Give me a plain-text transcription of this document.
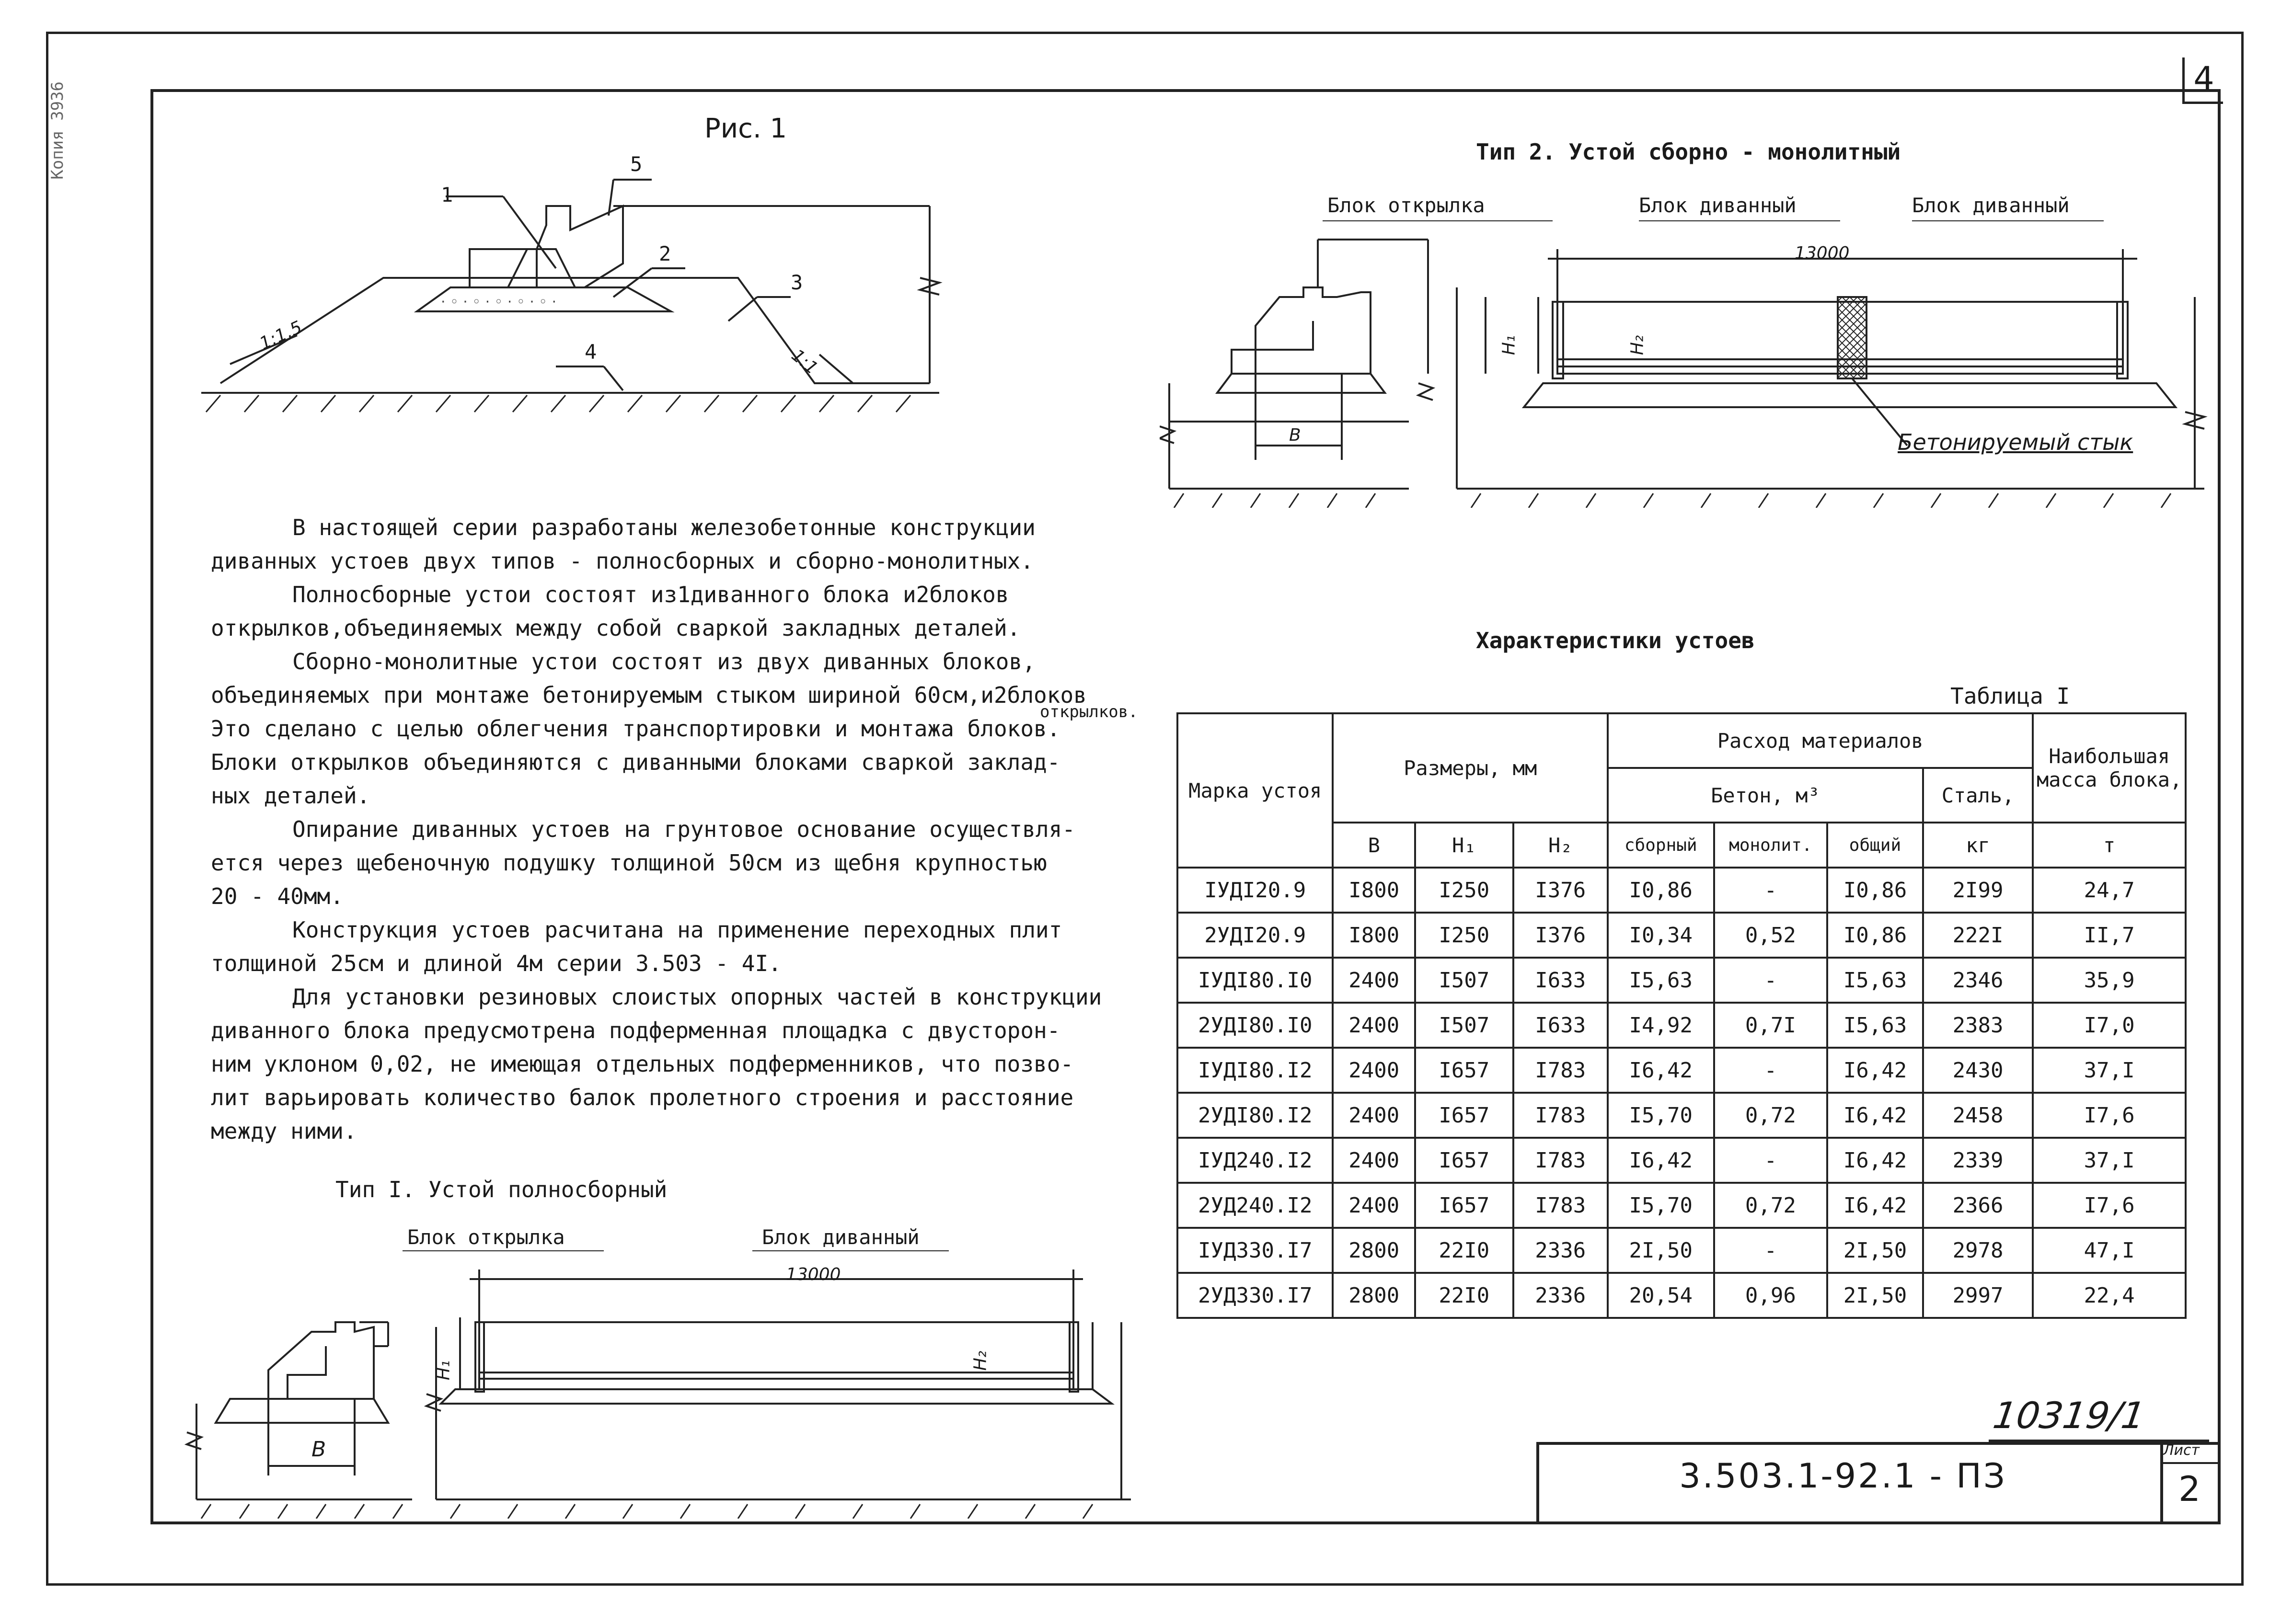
Копия 3936
4
Рис. 1
· ◦ · ◦ · ◦ · ◦ · ◦ ·
1
5
2
3
4
1:1,5
1:1
Тип 2. Устой сборно - монолитный
Блок открылка	Блок диванный	Блок диванный
13000
B
H₁	H₂
Бетонируемый стык

В настоящей серии разработаны железобетонные конструкции

диванных устоев двух типов - полносборных и сборно-монолитных.

Полносборные устои состоят из1диванного блока и2блоков

открылков,объединяемых между собой сваркой закладных деталей.

Сборно-монолитные устои состоят из двух диванных блоков,

объединяемых при монтаже бетонируемым стыком шириной 60см,и2блоков

Это сделано с целью облегчения транспортировки и монтажа блоков.

Блоки открылков объединяются с диванными блоками сваркой заклад-

ных деталей.

Опирание диванных устоев на грунтовое основание осуществля-

ется через щебеночную подушку толщиной 50см из щебня крупностью

20 - 40мм.

Конструкция устоев расчитана на применение переходных плит

толщиной 25см и длиной 4м серии 3.503 - 4I.

Для установки резиновых слоистых опорных частей в конструкции

диванного блока предусмотрена подферменная площадка с двусторон-

ним уклоном 0,02, не имеющая отдельных подферменников, что позво-

лит варьировать количество балок пролетного строения и расстояние

между ними.

открылков.
Тип I. Устой полносборный
Блок открылка	Блок диванный
13000
B
H₁	H₂
Характеристики устоев
Таблица I
Марка устоя	Размеры, мм			Расход материалов				Наибольшая масса блока,
				Бетон, м³			Сталь,	
	B	H₁	H₂	сборный	монолит.	общий	кг	т
IУДI20.9	I800	I250	I376	I0,86	-	I0,86	2I99	24,7
2УДI20.9	I800	I250	I376	I0,34	0,52	I0,86	222I	II,7
IУДI80.I0	2400	I507	I633	I5,63	-	I5,63	2346	35,9
2УДI80.I0	2400	I507	I633	I4,92	0,7I	I5,63	2383	I7,0
IУДI80.I2	2400	I657	I783	I6,42	-	I6,42	2430	37,I
2УДI80.I2	2400	I657	I783	I5,70	0,72	I6,42	2458	I7,6
IУД240.I2	2400	I657	I783	I6,42	-	I6,42	2339	37,I
2УД240.I2	2400	I657	I783	I5,70	0,72	I6,42	2366	I7,6
IУД330.I7	2800	22I0	2336	2I,50	-	2I,50	2978	47,I
2УД330.I7	2800	22I0	2336	20,54	0,96	2I,50	2997	22,4
10319/1
3.503.1-92.1 - ПЗ
Лист
2
